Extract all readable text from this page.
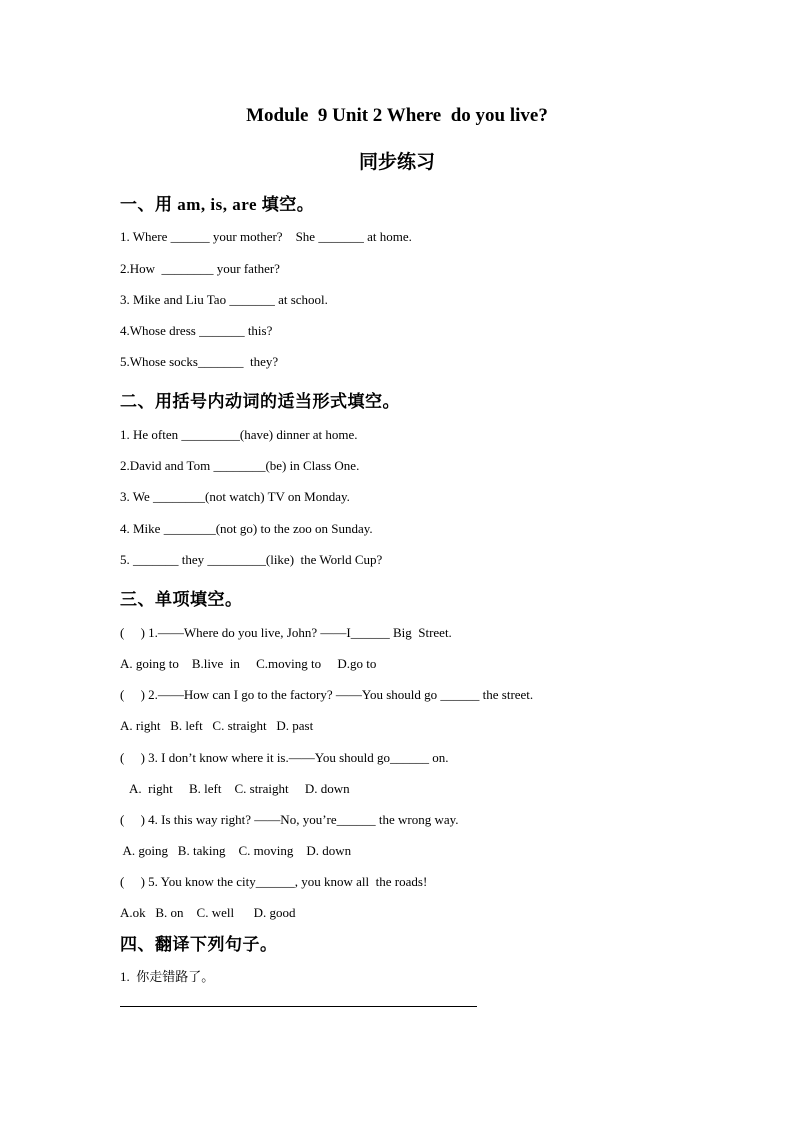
Module  9 Unit 2 Where  do you live?
同步练习
一、用 am, is, are 填空。
1. Where ______ your mother?    She _______ at home.
2.How  ________ your father?
3. Mike and Liu Tao _______ at school.
4.Whose dress _______ this?
5.Whose socks_______  they?
二、用括号内动词的适当形式填空。
1. He often _________(have) dinner at home.
2.David and Tom ________(be) in Class One.
3. We ________(not watch) TV on Monday.
4. Mike ________(not go) to the zoo on Sunday.
5. _______ they _________(like)  the World Cup?
三、单项填空。
(     ) 1.——Where do you live, John? ——I______ Big  Street.
A. going to    B.live  in     C.moving to     D.go to
(     ) 2.——How can I go to the factory? ——You should go ______ the street.
A. right   B. left   C. straight   D. past
(     ) 3. I don’t know where it is.——You should go______ on.
A.  right     B. left    C. straight     D. down
(     ) 4. Is this way right? ——No, you’re______ the wrong way.
A. going   B. taking    C. moving    D. down
(     ) 5. You know the city______, you know all  the roads!
A.ok   B. on    C. well      D. good
四、翻译下列句子。
1.  你走错路了。
